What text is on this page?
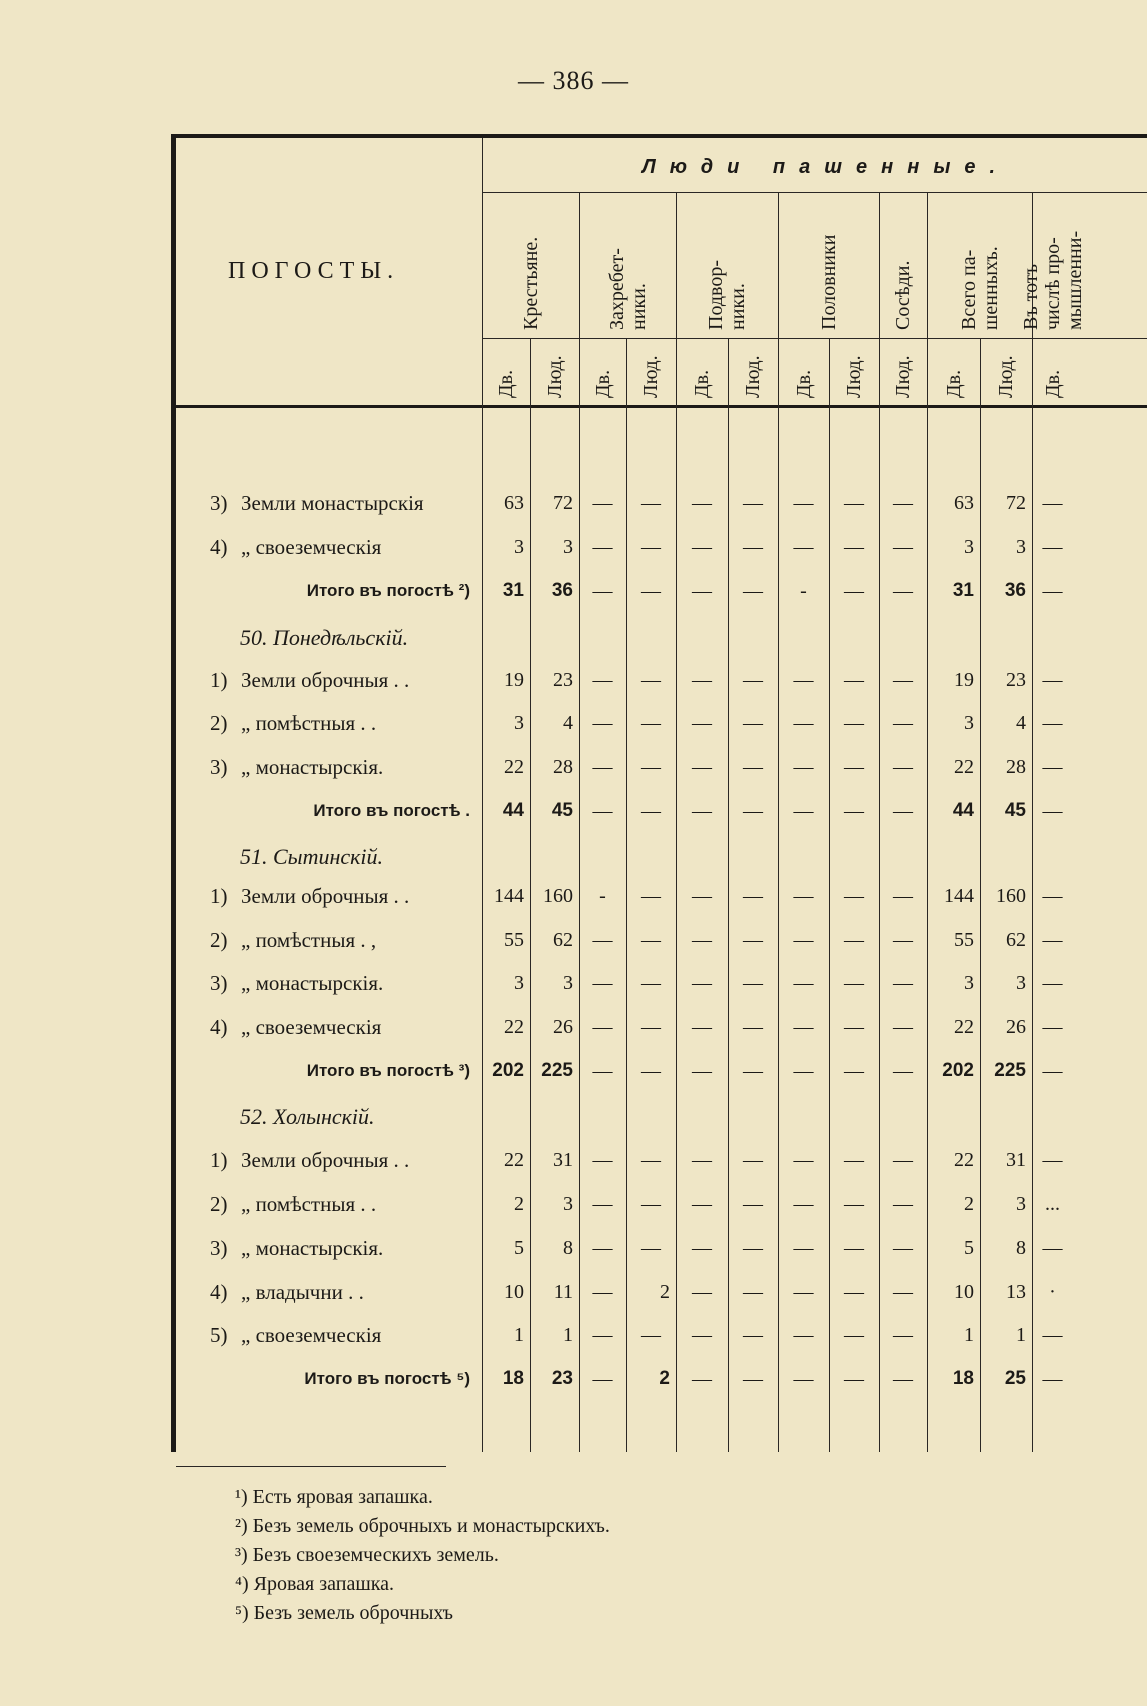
— 386 —
ПОГОСТЫ.
Люди пашенные.
Крестьяне.
Дв. Люд.
Захребет-
ники.
Дв. Люд.
Подвор-
ники.
Дв. Люд.
Половники
Дв. Люд.
Сосѣди.
Люд.
Всего па-
шенныхъ.
Дв. Люд.
Въ тотъ
числѣ про-
мышленни-
Дв.
3) Земли монастырскія	63	72 —	—	—	—	—	—	—	63	72 —
4) „ своеземческія	3	3 —	—	—	—	—	—	—	3	3 —
Итого въ погостѣ ²)	31	36 —	—	—	—	-	—	—	31	36 —
50. Понедѣльскій.
1) Земли оброчныя . .	19	23 —	—	—	—	—	—	—	19	23 —
2) „ помѣстныя . .	3	4 —	—	—	—	—	—	—	3	4 —
3) „ монастырскія.	22	28 —	—	—	—	—	—	—	22	28 —
Итого въ погостѣ .	44	45 —	—	—	—	—	—	—	44	45 —
51. Сытинскій.
1) Земли оброчныя . .	144 160	-	—	—	—	—	—	—	144	160 —
2) „ помѣстныя . ,	55	62 —	—	—	—	—	—	—	55	62 —
3) „ монастырскія.	3	3 —	—	—	—	—	—	—	3	3 —
4) „ своеземческія	22	26 —	—	—	—	—	—	—	22	26 —
Итого въ погостѣ ³)	202 225 —	—	—	—	—	—	—	202	225 —
52. Холынскій.
1) Земли оброчныя . .	22	31 —	—	—	—	—	—	—	22	31 —
2) „ помѣстныя . .	2	3 —	—	—	—	—	—	—	2	3 ...
3) „ монастырскія.	5	8 —	—	—	—	—	—	—	5	8 —
4) „ владычни . .	10	11 —	2	—	—	—	—	—	10	13	·
5) „ своеземческія	1	1 —	—	—	—	—	—	—	1	1 —
Итого въ погостѣ ⁵)	18	23 —	2	—	—	—	—	—	18	25 —
¹) Есть яровая запашка.
²) Безъ земель оброчныхъ и монастырскихъ.
³) Безъ своеземческихъ земель.
⁴) Яровая запашка.
⁵) Безъ земель оброчныхъ
